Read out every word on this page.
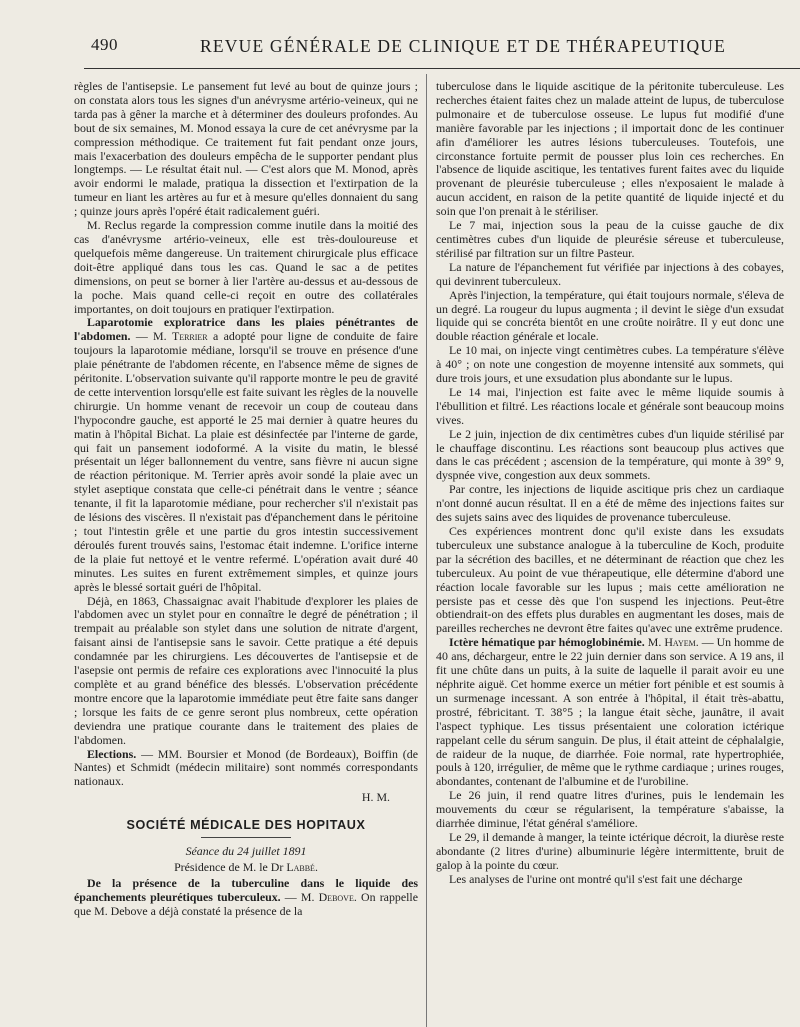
490	REVUE GÉNÉRALE DE CLINIQUE ET DE THÉRAPEUTIQUE

règles de l'antisepsie. Le pansement fut levé au bout de quinze jours ; on constata alors tous les signes d'un anévrysme artério-veineux, qui ne tarda pas à gêner la marche et à déterminer des douleurs profondes. Au bout de six semaines, M. Monod essaya la cure de cet anévrysme par la compression méthodique. Ce traitement fut fait pendant onze jours, mais l'exacerbation des douleurs empêcha de le supporter pendant plus longtemps. — Le résultat était nul. — C'est alors que M. Monod, après avoir endormi le malade, pratiqua la dissection et l'extirpation de la tumeur en liant les artères au fur et à mesure qu'elles donnaient du sang ; quinze jours après l'opéré était radicalement guéri.

M. Reclus regarde la compression comme inutile dans la moitié des cas d'anévrysme artério-veineux, elle est très-douloureuse et quelquefois même dangereuse. Un traitement chirurgicale plus efficace doit-être appliqué dans tous les cas. Quand le sac a de petites dimensions, on peut se borner à lier l'artère au-dessus et au-dessous de la poche. Mais quand celle-ci reçoit en outre des collatérales importantes, on doit toujours en pratiquer l'extirpation.

Laparotomie exploratrice dans les plaies pénétrantes de l'abdomen. — M. Terrier a adopté pour ligne de conduite de faire toujours la laparotomie médiane, lorsqu'il se trouve en présence d'une plaie pénétrante de l'abdomen récente, en l'absence même de signes de péritonite. L'observation suivante qu'il rapporte montre le peu de gravité de cette intervention lorsqu'elle est faite suivant les règles de la nouvelle chirurgie. Un homme venant de recevoir un coup de couteau dans l'hypocondre gauche, est apporté le 25 mai dernier à quatre heures du matin à l'hôpital Bichat. La plaie est désinfectée par l'interne de garde, qui fait un pansement iodoformé. A la visite du matin, le blessé présentait un léger ballonnement du ventre, sans fièvre ni aucun signe de réaction péritonique. M. Terrier après avoir sondé la plaie avec un stylet aseptique constata que celle-ci pénétrait dans le ventre ; séance tenante, il fit la laparotomie médiane, pour rechercher s'il n'existait pas de lésions des viscères. Il n'existait pas d'épanchement dans le péritoine ; tout l'intestin grêle et une partie du gros intestin successivement déroulés furent trouvés sains, l'estomac était indemne. L'orifice interne de la plaie fut nettoyé et le ventre refermé. L'opération avait duré 40 minutes. Les suites en furent extrêmement simples, et quinze jours après le blessé sortait guéri de l'hôpital.

Déjà, en 1863, Chassaignac avait l'habitude d'explorer les plaies de l'abdomen avec un stylet pour en connaître le degré de pénétration ; il trempait au préalable son stylet dans une solution de nitrate d'argent, faisant ainsi de l'antisepsie sans le savoir. Cette pratique a été depuis condamnée par les chirurgiens. Les découvertes de l'antisepsie et de l'asepsie ont permis de refaire ces explorations avec l'innocuité la plus complète et au grand bénéfice des blessés. L'observation précédente montre encore que la laparotomie immédiate peut être faite sans danger ; lorsque les faits de ce genre seront plus nombreux, cette opération deviendra une pratique courante dans le traitement des plaies de l'abdomen.

Elections. — MM. Boursier et Monod (de Bordeaux), Boiffin (de Nantes) et Schmidt (médecin militaire) sont nommés correspondants nationaux.

H. M.

SOCIÉTÉ MÉDICALE DES HOPITAUX

Séance du 24 juillet 1891

Présidence de M. le Dr Labbé.

De la présence de la tuberculine dans le liquide des épanchements pleurétiques tuberculeux. — M. Debove. On rappelle que M. Debove a déjà constaté la présence de la

tuberculose dans le liquide ascitique de la péritonite tuberculeuse. Les recherches étaient faites chez un malade atteint de lupus, de tuberculose pulmonaire et de tuberculose osseuse. Le lupus fut modifié d'une manière favorable par les injections ; il importait donc de les continuer afin d'améliorer les autres lésions tuberculeuses. Toutefois, une circonstance fortuite permit de pousser plus loin ces recherches. En l'absence de liquide ascitique, les tentatives furent faites avec du liquide provenant de pleurésie tuberculeuse ; elles n'exposaient le malade à aucun accident, en raison de la petite quantité de liquide injecté et du soin que l'on prenait à le stériliser.

Le 7 mai, injection sous la peau de la cuisse gauche de dix centimètres cubes d'un liquide de pleurésie séreuse et tuberculeuse, stérilisé par filtration sur un filtre Pasteur.

La nature de l'épanchement fut vérifiée par injections à des cobayes, qui devinrent tuberculeux.

Après l'injection, la température, qui était toujours normale, s'éleva de un degré. La rougeur du lupus augmenta ; il devint le siège d'un exsudat liquide qui se concréta bientôt en une croûte noirâtre. Il y eut donc une double réaction générale et locale.

Le 10 mai, on injecte vingt centimètres cubes. La température s'élève à 40° ; on note une congestion de moyenne intensité aux sommets, qui dure trois jours, et une exsudation plus abondante sur le lupus.

Le 14 mai, l'injection est faite avec le même liquide soumis à l'ébullition et filtré. Les réactions locale et générale sont beaucoup moins vives.

Le 2 juin, injection de dix centimètres cubes d'un liquide stérilisé par le chauffage discontinu. Les réactions sont beaucoup plus actives que dans le cas précédent ; ascension de la température, qui monte à 39° 9, dyspnée vive, congestion aux deux sommets.

Par contre, les injections de liquide ascitique pris chez un cardiaque n'ont donné aucun résultat. Il en a été de même des injections faites sur des sujets sains avec des liquides de provenance tuberculeuse.

Ces expériences montrent donc qu'il existe dans les exsudats tuberculeux une substance analogue à la tuberculine de Koch, produite par la sécrétion des bacilles, et ne déterminant de réaction que chez les tuberculeux. Au point de vue thérapeutique, elle détermine d'abord une réaction locale favorable sur les lupus ; mais cette amélioration ne persiste pas et cesse dès que l'on suspend les injections. Peut-être obtiendrait-on des effets plus durables en augmentant les doses, mais de pareilles recherches ne devront être faites qu'avec une extrême prudence.

Ictère hématique par hémoglobinémie. M. Hayem. — Un homme de 40 ans, déchargeur, entre le 22 juin dernier dans son service. A 19 ans, il fit une chûte dans un puits, à la suite de laquelle il parait avoir eu une néphrite aiguë. Cet homme exerce un métier fort pénible et est soumis à un surmenage incessant. A son entrée à l'hôpital, il était très-abattu, prostré, fébricitant. T. 38°5 ; la langue était sèche, jaunâtre, il avait l'aspect typhique. Les tissus présentaient une coloration ictérique rappelant celle du sérum sanguin. De plus, il était atteint de céphalalgie, de raideur de la nuque, de diarrhée. Foie normal, rate hypertrophiée, pouls à 120, irrégulier, de même que le rythme cardiaque ; urines rouges, abondantes, contenant de l'albumine et de l'urobiline.

Le 26 juin, il rend quatre litres d'urines, puis le lendemain les mouvements du cœur se régularisent, la température s'abaisse, la diarrhée diminue, l'état général s'améliore.

Le 29, il demande à manger, la teinte ictérique décroit, la diurèse reste abondante (2 litres d'urine) albuminurie légère intermittente, bruit de galop à la pointe du cœur.

Les analyses de l'urine ont montré qu'il s'est fait une décharge
